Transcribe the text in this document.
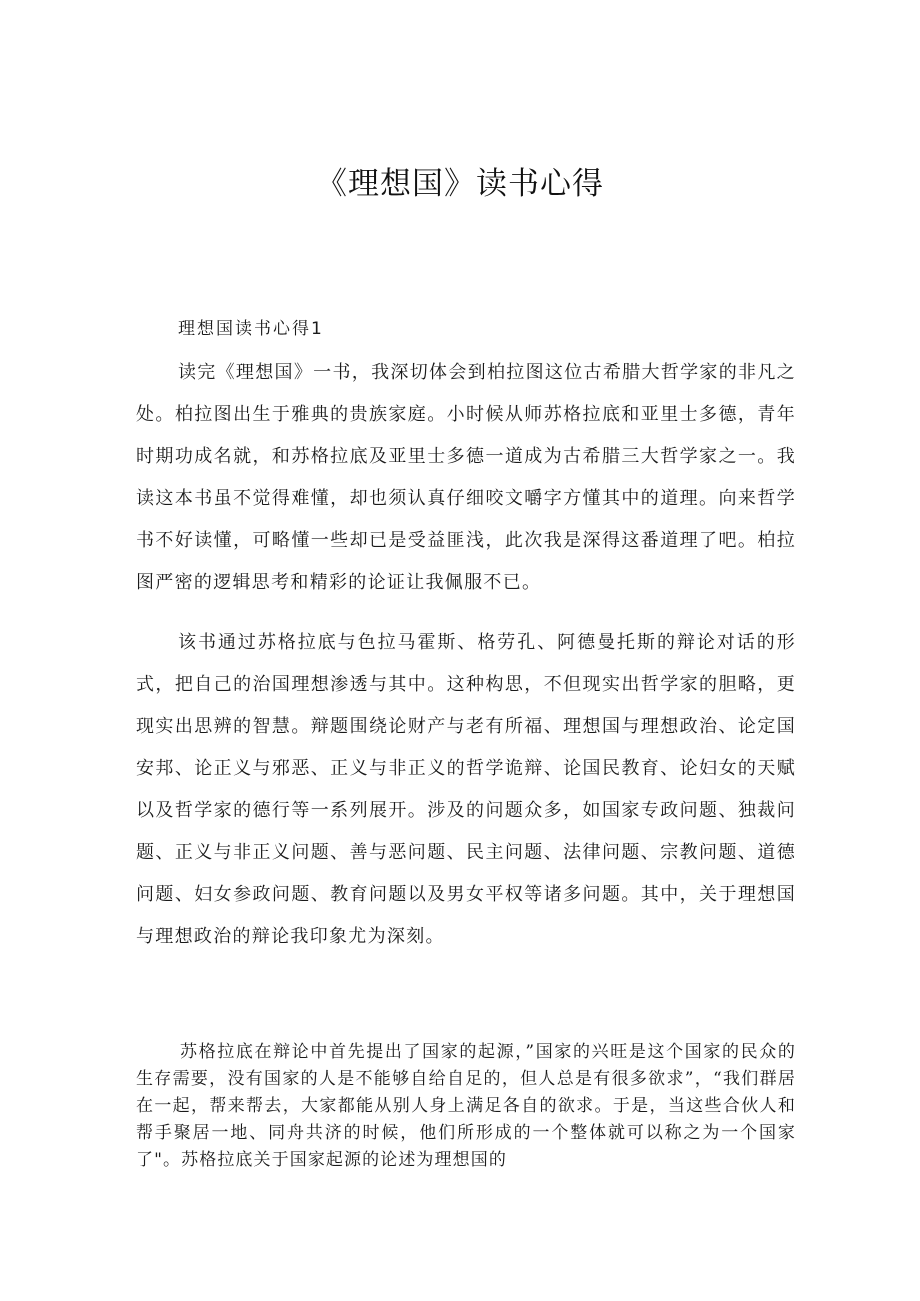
《理想国》读书心得
理想国读书心得1

读完《理想国》一书，我深切体会到柏拉图这位古希腊大哲学家的非凡之处。柏拉图出生于雅典的贵族家庭。小时候从师苏格拉底和亚里士多德，青年时期功成名就，和苏格拉底及亚里士多德一道成为古希腊三大哲学家之一。我读这本书虽不觉得难懂，却也须认真仔细咬文嚼字方懂其中的道理。向来哲学书不好读懂，可略懂一些却已是受益匪浅，此次我是深得这番道理了吧。柏拉图严密的逻辑思考和精彩的论证让我佩服不已。

该书通过苏格拉底与色拉马霍斯、格劳孔、阿德曼托斯的辩论对话的形式，把自己的治国理想渗透与其中。这种构思，不但现实出哲学家的胆略，更现实出思辨的智慧。辩题围绕论财产与老有所福、理想国与理想政治、论定国安邦、论正义与邪恶、正义与非正义的哲学诡辩、论国民教育、论妇女的天赋以及哲学家的德行等一系列展开。涉及的问题众多，如国家专政问题、独裁问题、正义与非正义问题、善与恶问题、民主问题、法律问题、宗教问题、道德问题、妇女参政问题、教育问题以及男女平权等诸多问题。其中，关于理想国与理想政治的辩论我印象尤为深刻。

苏格拉底在辩论中首先提出了国家的起源，”国家的兴旺是这个国家的民众的生存需要，没有国家的人是不能够自给自足的，但人总是有很多欲求”，“我们群居在一起，帮来帮去，大家都能从别人身上满足各自的欲求。于是，当这些合伙人和帮手聚居一地、同舟共济的时候，他们所形成的一个整体就可以称之为一个国家了"。苏格拉底关于国家起源的论述为理想国的
